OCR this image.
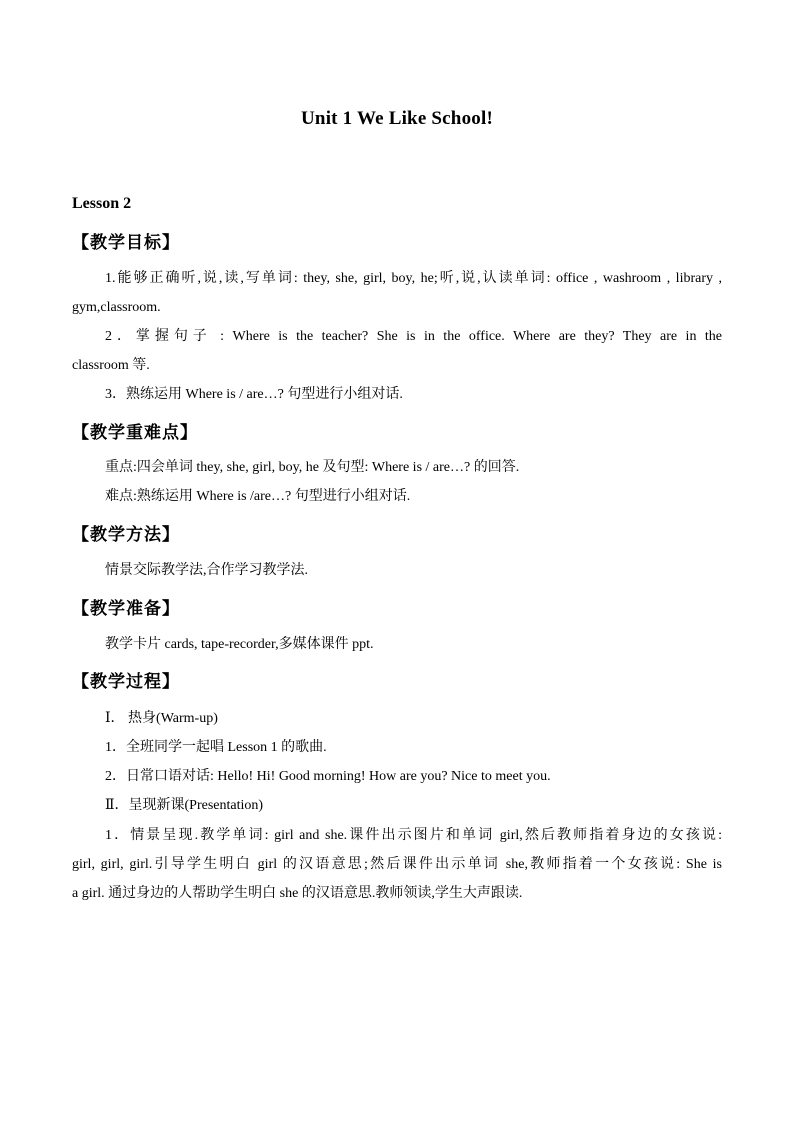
Unit 1 We Like School!
Lesson 2
【教学目标】
1.能够正确听,说,读,写单词: they, she, girl, boy, he;听,说,认读单词: office , washroom , library ,
gym,classroom.
2．掌握句子 : Where is the teacher? She is in the office. Where are they? They are in the
classroom 等.
3．熟练运用 Where is / are…? 句型进行小组对话.
【教学重难点】
重点:四会单词 they, she, girl, boy, he 及句型: Where is / are…? 的回答.
难点:熟练运用 Where is /are…? 句型进行小组对话.
【教学方法】
情景交际教学法,合作学习教学法.
【教学准备】
教学卡片 cards, tape-recorder,多媒体课件 ppt.
【教学过程】
Ⅰ． 热身(Warm-up)
1．全班同学一起唱 Lesson 1 的歌曲.
2．日常口语对话: Hello! Hi! Good morning! How are you? Nice to meet you.
Ⅱ．呈现新课(Presentation)
1．情景呈现.教学单词: girl and she.课件出示图片和单词 girl,然后教师指着身边的女孩说:
girl, girl, girl.引导学生明白 girl 的汉语意思;然后课件出示单词 she,教师指着一个女孩说: She is
a girl. 通过身边的人帮助学生明白 she 的汉语意思.教师领读,学生大声跟读.
